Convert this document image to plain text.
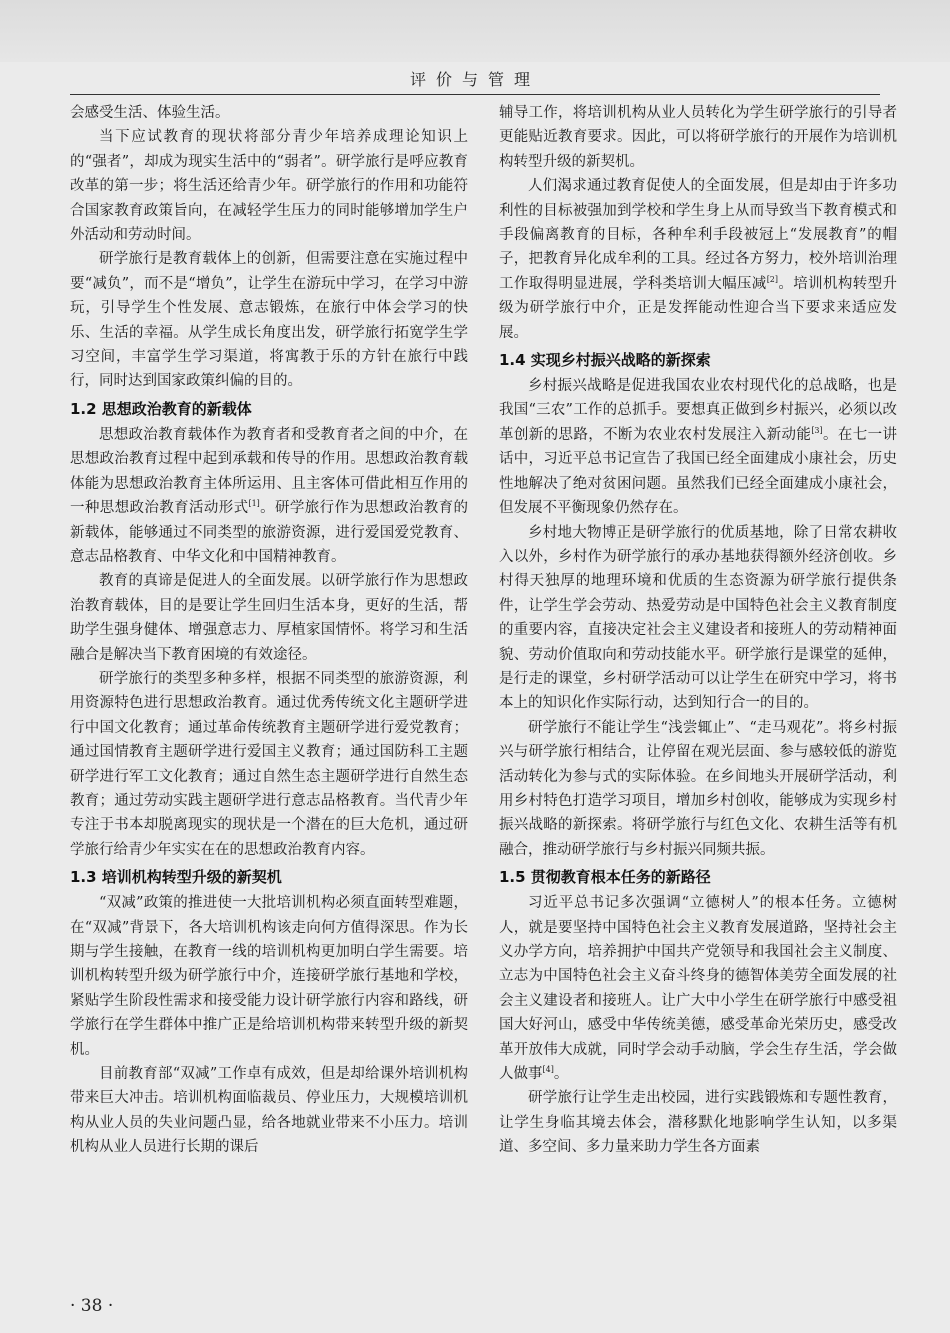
评价与管理

会感受生活、体验生活。

当下应试教育的现状将部分青少年培养成理论知识上的“强者”，却成为现实生活中的“弱者”。研学旅行是呼应教育改革的第一步；将生活还给青少年。研学旅行的作用和功能符合国家教育政策旨向，在减轻学生压力的同时能够增加学生户外活动和劳动时间。

研学旅行是教育载体上的创新，但需要注意在实施过程中要“减负”，而不是“增负”，让学生在游玩中学习，在学习中游玩，引导学生个性发展、意志锻炼，在旅行中体会学习的快乐、生活的幸福。从学生成长角度出发，研学旅行拓宽学生学习空间，丰富学生学习渠道，将寓教于乐的方针在旅行中践行，同时达到国家政策纠偏的目的。

1.2 思想政治教育的新载体

思想政治教育载体作为教育者和受教育者之间的中介，在思想政治教育过程中起到承载和传导的作用。思想政治教育载体能为思想政治教育主体所运用、且主客体可借此相互作用的一种思想政治教育活动形式[1]。研学旅行作为思想政治教育的新载体，能够通过不同类型的旅游资源，进行爱国爱党教育、意志品格教育、中华文化和中国精神教育。

教育的真谛是促进人的全面发展。以研学旅行作为思想政治教育载体，目的是要让学生回归生活本身，更好的生活，帮助学生强身健体、增强意志力、厚植家国情怀。将学习和生活融合是解决当下教育困境的有效途径。

研学旅行的类型多种多样，根据不同类型的旅游资源，利用资源特色进行思想政治教育。通过优秀传统文化主题研学进行中国文化教育；通过革命传统教育主题研学进行爱党教育；通过国情教育主题研学进行爱国主义教育；通过国防科工主题研学进行军工文化教育；通过自然生态主题研学进行自然生态教育；通过劳动实践主题研学进行意志品格教育。当代青少年专注于书本却脱离现实的现状是一个潜在的巨大危机，通过研学旅行给青少年实实在在的思想政治教育内容。

1.3 培训机构转型升级的新契机

“双减”政策的推进使一大批培训机构必须直面转型难题，在“双减”背景下，各大培训机构该走向何方值得深思。作为长期与学生接触，在教育一线的培训机构更加明白学生需要。培训机构转型升级为研学旅行中介，连接研学旅行基地和学校，紧贴学生阶段性需求和接受能力设计研学旅行内容和路线，研学旅行在学生群体中推广正是给培训机构带来转型升级的新契机。

目前教育部“双减”工作卓有成效，但是却给课外培训机构带来巨大冲击。培训机构面临裁员、停业压力，大规模培训机构从业人员的失业问题凸显，给各地就业带来不小压力。培训机构从业人员进行长期的课后

辅导工作，将培训机构从业人员转化为学生研学旅行的引导者更能贴近教育要求。因此，可以将研学旅行的开展作为培训机构转型升级的新契机。

人们渴求通过教育促使人的全面发展，但是却由于许多功利性的目标被强加到学校和学生身上从而导致当下教育模式和手段偏离教育的目标，各种牟利手段被冠上“发展教育”的帽子，把教育异化成牟利的工具。经过各方努力，校外培训治理工作取得明显进展，学科类培训大幅压减[2]。培训机构转型升级为研学旅行中介，正是发挥能动性迎合当下要求来适应发展。

1.4 实现乡村振兴战略的新探索

乡村振兴战略是促进我国农业农村现代化的总战略，也是我国“三农”工作的总抓手。要想真正做到乡村振兴，必须以改革创新的思路，不断为农业农村发展注入新动能[3]。在七一讲话中，习近平总书记宣告了我国已经全面建成小康社会，历史性地解决了绝对贫困问题。虽然我们已经全面建成小康社会，但发展不平衡现象仍然存在。

乡村地大物博正是研学旅行的优质基地，除了日常农耕收入以外，乡村作为研学旅行的承办基地获得额外经济创收。乡村得天独厚的地理环境和优质的生态资源为研学旅行提供条件，让学生学会劳动、热爱劳动是中国特色社会主义教育制度的重要内容，直接决定社会主义建设者和接班人的劳动精神面貌、劳动价值取向和劳动技能水平。研学旅行是课堂的延伸，是行走的课堂，乡村研学活动可以让学生在研究中学习，将书本上的知识化作实际行动，达到知行合一的目的。

研学旅行不能让学生“浅尝辄止”、“走马观花”。将乡村振兴与研学旅行相结合，让停留在观光层面、参与感较低的游览活动转化为参与式的实际体验。在乡间地头开展研学活动，利用乡村特色打造学习项目，增加乡村创收，能够成为实现乡村振兴战略的新探索。将研学旅行与红色文化、农耕生活等有机融合，推动研学旅行与乡村振兴同频共振。

1.5 贯彻教育根本任务的新路径

习近平总书记多次强调“立德树人”的根本任务。立德树人，就是要坚持中国特色社会主义教育发展道路，坚持社会主义办学方向，培养拥护中国共产党领导和我国社会主义制度、立志为中国特色社会主义奋斗终身的德智体美劳全面发展的社会主义建设者和接班人。让广大中小学生在研学旅行中感受祖国大好河山，感受中华传统美德，感受革命光荣历史，感受改革开放伟大成就，同时学会动手动脑，学会生存生活，学会做人做事[4]。

研学旅行让学生走出校园，进行实践锻炼和专题性教育，让学生身临其境去体会，潜移默化地影响学生认知，以多渠道、多空间、多力量来助力学生各方面素

· 38 ·
